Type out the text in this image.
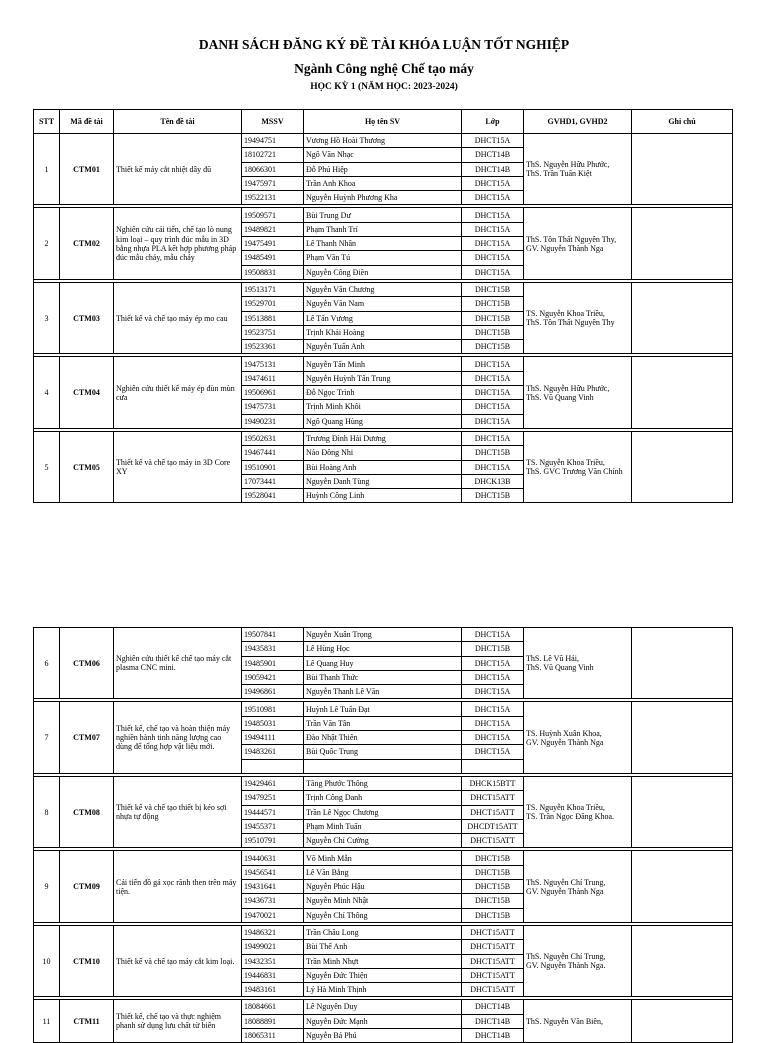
DANH SÁCH ĐĂNG KÝ ĐỀ TÀI KHÓA LUẬN TỐT NGHIỆP
Ngành Công nghệ Chế tạo máy
HỌC KỲ 1 (NĂM HỌC: 2023-2024)
STT	Mã đề tài	Tên đề tài	MSSV	Họ tên SV	Lớp	GVHD1, GVHD2	Ghi chú
1	CTM01	Thiết kế máy cắt nhiệt dây đũ	19494751	Vương Hồ Hoài Thương	DHCT15A	ThS. Nguyễn Hữu Phước,
ThS. Trần Tuấn Kiệt	
			18102721	Ngô Văn Nhạc	DHCT14B		
			18066301	Đỗ Phú Hiệp	DHCT14B		
			19475971	Trần Anh Khoa	DHCT15A		
			19522131	Nguyễn Huỳnh Phương Kha	DHCT15A		

2	CTM02	Nghiên cứu cải tiến, chế tạo lò nung kim loại – quy trình đúc mẫu in 3D bằng nhựa PLA kết hợp phương pháp đúc mẫu chảy, mẫu cháy	19509571	Bùi Trung Dư	DHCT15A	ThS. Tôn Thất Nguyên Thy,
GV. Nguyễn Thành Nga	
			19489821	Phạm Thanh Trí	DHCT15A		
			19475491	Lê Thanh Nhân	DHCT15A		
			19485491	Phạm Văn Tú	DHCT15A		
			19508831	Nguyễn Công Điền	DHCT15A		

3	CTM03	Thiết kế và chế tạo máy ép mo cau	19513171	Nguyễn Văn Chương	DHCT15B	TS. Nguyễn Khoa Triều,
ThS. Tôn Thất Nguyên Thy	
			19529701	Nguyễn Văn Nam	DHCT15B		
			19513881	Lê Tấn Vương	DHCT15B		
			19523751	Trịnh Khải Hoàng	DHCT15B		
			19523361	Nguyễn Tuấn Anh	DHCT15B		

4	CTM04	Nghiên cứu thiết kế máy ép đùn mùn cưa	19475131	Nguyễn Tấn Minh	DHCT15A	ThS. Nguyễn Hữu Phước,
ThS. Vũ Quang Vinh	
			19474611	Nguyễn Huỳnh Tấn Trung	DHCT15A		
			19506961	Đỗ Ngọc Trình	DHCT15A		
			19475731	Trịnh Minh Khôi	DHCT15A		
			19490231	Ngô Quang Hùng	DHCT15A		

5	CTM05	Thiết kế và chế tạo máy in 3D Core XY	19502631	Trương Đình Hải Dương	DHCT15A	TS. Nguyễn Khoa Triều,
ThS. GVC Trương Văn Chính	
			19467441	Nảo Đông Nhi	DHCT15B		
			19510901	Bùi Hoàng Anh	DHCT15A		
			17073441	Nguyễn Danh Tùng	DHCK13B		
			19528041	Huỳnh Công Linh	DHCT15B		
6	CTM06	Nghiên cứu thiết kế chế tạo máy cắt plasma CNC mini.	19507841	Nguyễn Xuân Trọng	DHCT15A	ThS. Lê Vũ Hải,
ThS. Vũ Quang Vinh	
			19435831	Lê Hùng Học	DHCT15B		
			19485901	Lê Quang Huy	DHCT15A		
			19059421	Bùi Thanh Thức	DHCT15A		
			19496861	Nguyễn Thanh Lê Văn	DHCT15A		

7	CTM07	Thiết kế, chế tạo và hoàn thiện máy nghiền hành tinh năng lượng cao dùng để tổng hợp vật liệu mới.	19510981	Huỳnh Lê Tuấn Đạt	DHCT15A	TS. Huỳnh Xuân Khoa,
GV. Nguyễn Thành Nga	
			19485031	Trần Văn Tân	DHCT15A		
			19494111	Đào Nhật Thiên	DHCT15A		
			19483261	Bùi Quốc Trung	DHCT15A		

8	CTM08	Thiết kế và chế tạo thiết bị kéo sợi nhựa tự động	19429461	Tăng Phước Thông	DHCK15BTT	TS. Nguyễn Khoa Triều,
TS. Trần Ngọc Đăng Khoa.	
			19479251	Trịnh Công Danh	DHCT15ATT		
			19444571	Trần Lê Ngọc Chương	DHCT15ATT		
			19455371	Phạm Minh Tuấn	DHCDT15ATT		
			19510791	Nguyễn Chí Cường	DHCT15ATT		

9	CTM09	Cải tiến đồ gá xọc rãnh then trên máy tiện.	19440631	Võ Minh Mẫn	DHCT15B	ThS. Nguyễn Chí Trung,
GV. Nguyễn Thành Nga	
			19456541	Lê Văn Bằng	DHCT15B		
			19431641	Nguyễn Phúc Hậu	DHCT15B		
			19436731	Nguyễn Minh Nhật	DHCT15B		
			19470021	Nguyễn Chí Thông	DHCT15B		

10	CTM10	Thiết kế và chế tạo máy cắt kim loại.	19486321	Trần Châu Long	DHCT15ATT	ThS. Nguyễn Chí Trung,
GV. Nguyễn Thành Nga.	
			19499021	Bùi Thế Anh	DHCT15ATT		
			19432351	Trần Minh Nhựt	DHCT15ATT		
			19446831	Nguyễn Đức Thiện	DHCT15ATT		
			19483161	Lý Hà Minh Thịnh	DHCT15ATT		

11	CTM11	Thiết kế, chế tạo và thực nghiệm phanh sử dụng lưu chất từ biến	18084661	Lê Nguyên Duy	DHCT14B	ThS. Nguyễn Văn Biên,	
			18088891	Nguyễn Đức Mạnh	DHCT14B		
			18065311	Nguyễn Bá Phú	DHCT14B		
